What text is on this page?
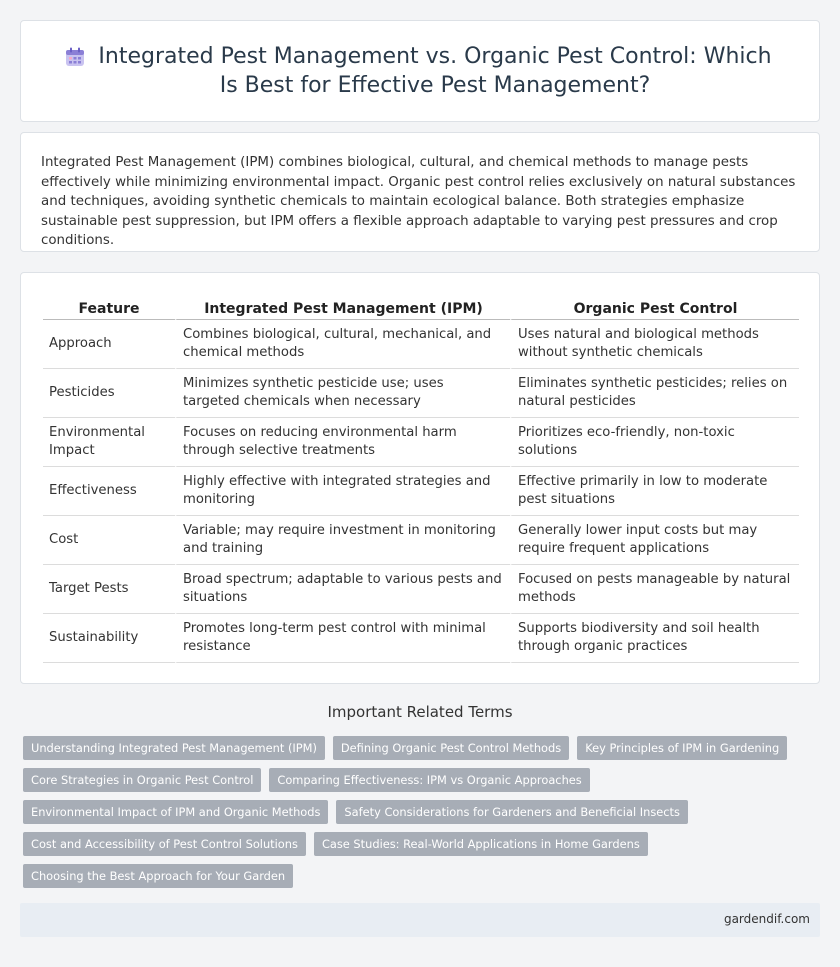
Integrated Pest Management vs. Organic Pest Control: Which Is Best for Effective Pest Management?

Integrated Pest Management (IPM) combines biological, cultural, and chemical methods to manage pests effectively while minimizing environmental impact. Organic pest control relies exclusively on natural substances and techniques, avoiding synthetic chemicals to maintain ecological balance. Both strategies emphasize sustainable pest suppression, but IPM offers a flexible approach adaptable to varying pest pressures and crop conditions.

Feature	Integrated Pest Management (IPM)	Organic Pest Control
Approach	Combines biological, cultural, mechanical, and chemical methods	Uses natural and biological methods without synthetic chemicals
Pesticides	Minimizes synthetic pesticide use; uses targeted chemicals when necessary	Eliminates synthetic pesticides; relies on natural pesticides
Environmental Impact	Focuses on reducing environmental harm through selective treatments	Prioritizes eco-friendly, non-toxic solutions
Effectiveness	Highly effective with integrated strategies and monitoring	Effective primarily in low to moderate pest situations
Cost	Variable; may require investment in monitoring and training	Generally lower input costs but may require frequent applications
Target Pests	Broad spectrum; adaptable to various pests and situations	Focused on pests manageable by natural methods
Sustainability	Promotes long-term pest control with minimal resistance	Supports biodiversity and soil health through organic practices
Important Related Terms
Understanding Integrated Pest Management (IPM)	Defining Organic Pest Control Methods	Key Principles of IPM in Gardening
Core Strategies in Organic Pest Control	Comparing Effectiveness: IPM vs Organic Approaches
Environmental Impact of IPM and Organic Methods	Safety Considerations for Gardeners and Beneficial Insects
Cost and Accessibility of Pest Control Solutions	Case Studies: Real-World Applications in Home Gardens
Choosing the Best Approach for Your Garden
gardendif.com
